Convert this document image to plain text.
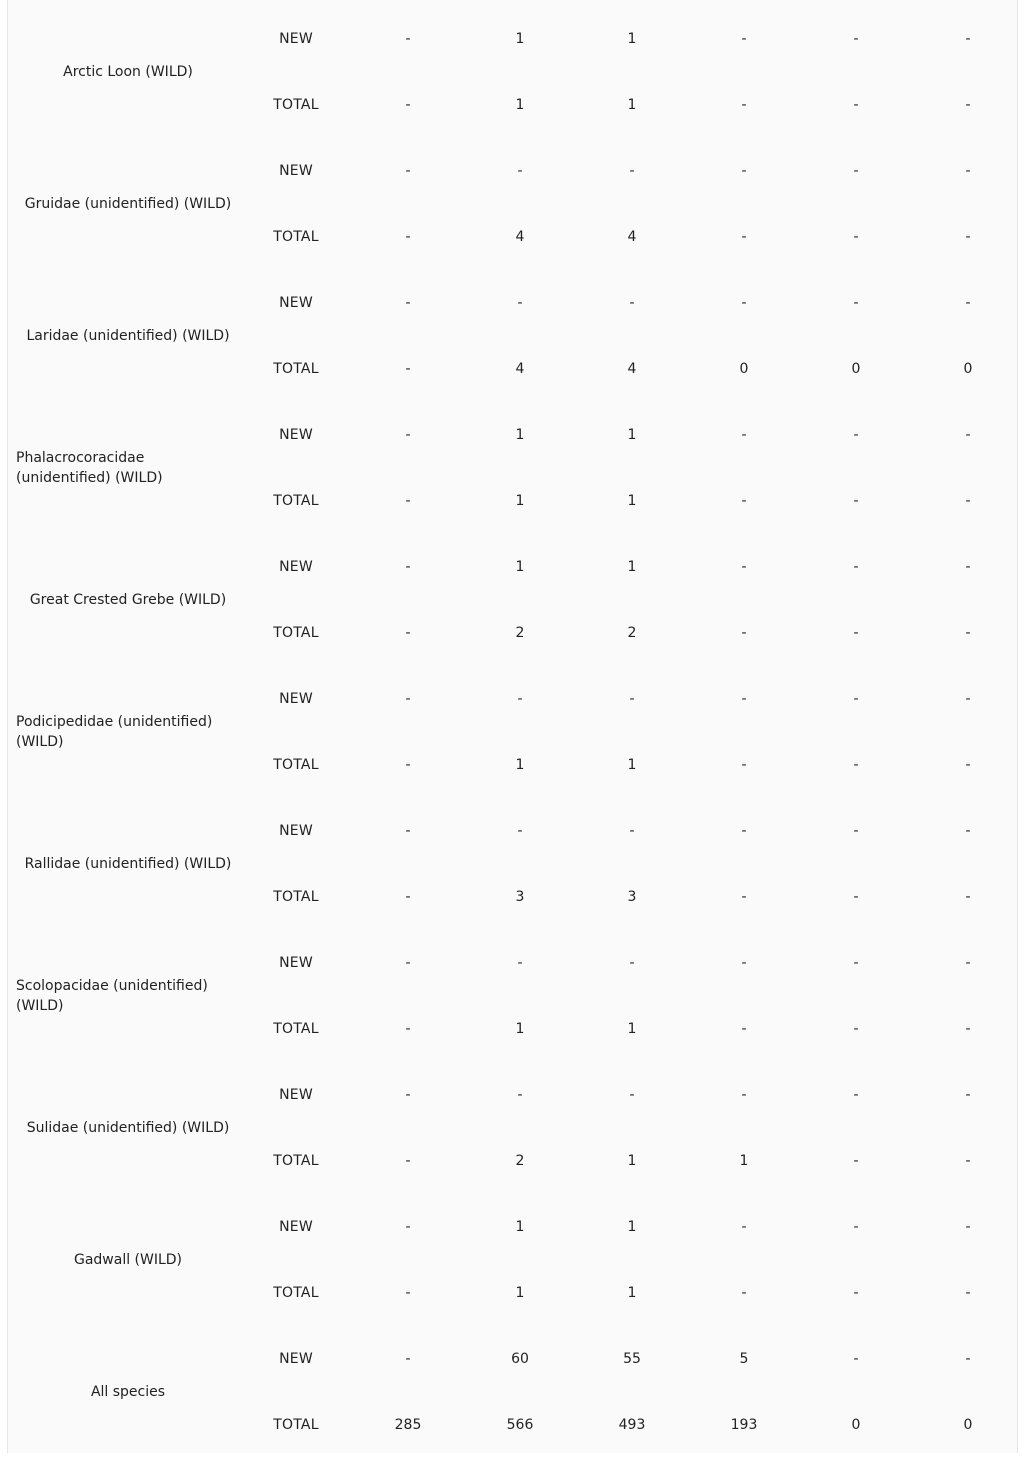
Arctic Loon (WILD)	NEW	-	1	1	-	-	-
	TOTAL	-	1	1	-	-	-
Gruidae (unidentified) (WILD)	NEW	-	-	-	-	-	-
	TOTAL	-	4	4	-	-	-
Laridae (unidentified) (WILD)	NEW	-	-	-	-	-	-
	TOTAL	-	4	4	0	0	0
Phalacrocoracidae (unidentified) (WILD)	NEW	-	1	1	-	-	-
	TOTAL	-	1	1	-	-	-
Great Crested Grebe (WILD)	NEW	-	1	1	-	-	-
	TOTAL	-	2	2	-	-	-
Podicipedidae (unidentified) (WILD)	NEW	-	-	-	-	-	-
	TOTAL	-	1	1	-	-	-
Rallidae (unidentified) (WILD)	NEW	-	-	-	-	-	-
	TOTAL	-	3	3	-	-	-
Scolopacidae (unidentified) (WILD)	NEW	-	-	-	-	-	-
	TOTAL	-	1	1	-	-	-
Sulidae (unidentified) (WILD)	NEW	-	-	-	-	-	-
	TOTAL	-	2	1	1	-	-
Gadwall (WILD)	NEW	-	1	1	-	-	-
	TOTAL	-	1	1	-	-	-
All species	NEW	-	60	55	5	-	-
	TOTAL	285	566	493	193	0	0
